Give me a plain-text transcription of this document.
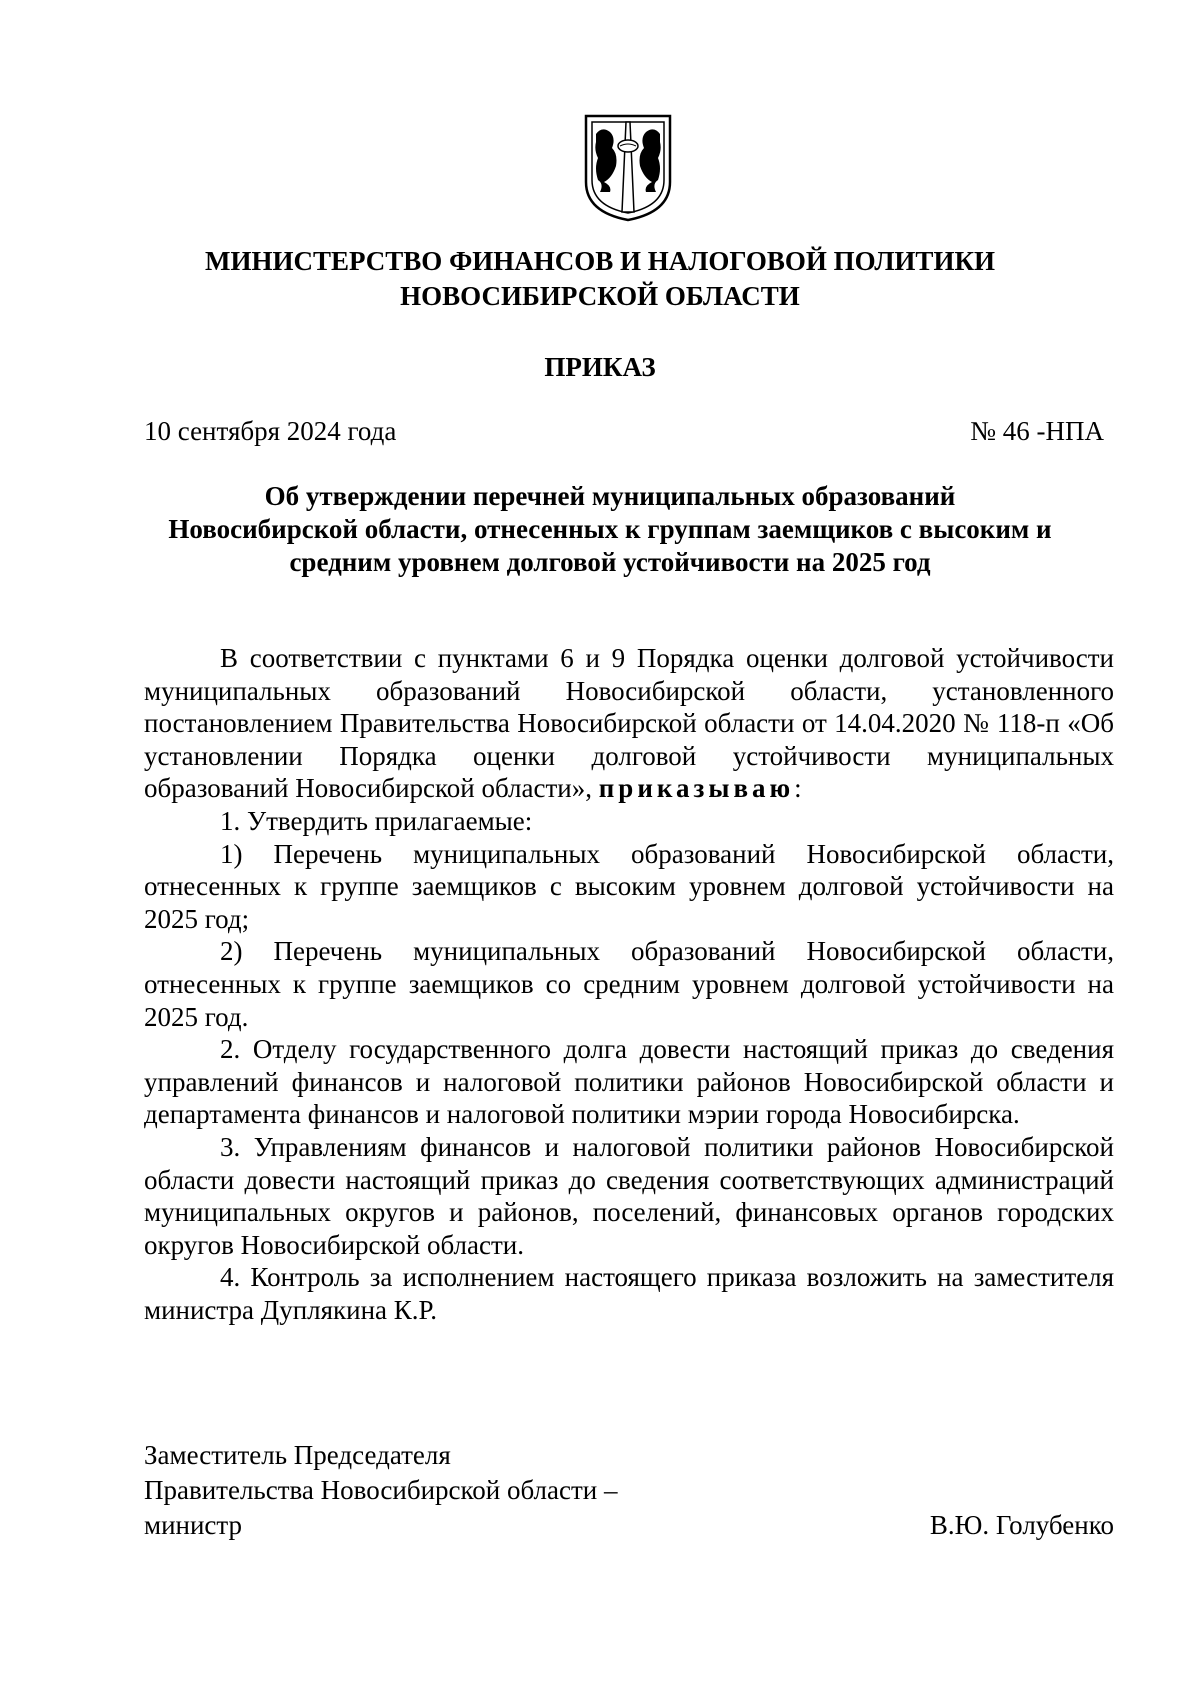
МИНИСТЕРСТВО ФИНАНСОВ И НАЛОГОВОЙ ПОЛИТИКИ
НОВОСИБИРСКОЙ ОБЛАСТИ
ПРИКАЗ
10 сентября 2024 года	№ 46 -НПА
Об утверждении перечней муниципальных образований
Новосибирской области, отнесенных к группам заемщиков с высоким и
средним уровнем долговой устойчивости на 2025 год

В соответствии с пунктами 6 и 9 Порядка оценки долговой устойчивости муниципальных образований Новосибирской области, установленного постановлением Правительства Новосибирской области от 14.04.2020 № 118-п «Об установлении Порядка оценки долговой устойчивости муниципальных образований Новосибирской области», приказываю:

1. Утвердить прилагаемые:

1) Перечень муниципальных образований Новосибирской области, отнесенных к группе заемщиков с высоким уровнем долговой устойчивости на 2025 год;

2) Перечень муниципальных образований Новосибирской области, отнесенных к группе заемщиков со средним уровнем долговой устойчивости на 2025 год.

2. Отделу государственного долга довести настоящий приказ до сведения управлений финансов и налоговой политики районов Новосибирской области и департамента финансов и налоговой политики мэрии города Новосибирска.

3. Управлениям финансов и налоговой политики районов Новосибирской области довести настоящий приказ до сведения соответствующих администраций муниципальных округов и районов, поселений, финансовых органов городских округов Новосибирской области.

4. Контроль за исполнением настоящего приказа возложить на заместителя министра Дуплякина К.Р.

Заместитель Председателя
Правительства Новосибирской области –
министр	В.Ю. Голубенко
